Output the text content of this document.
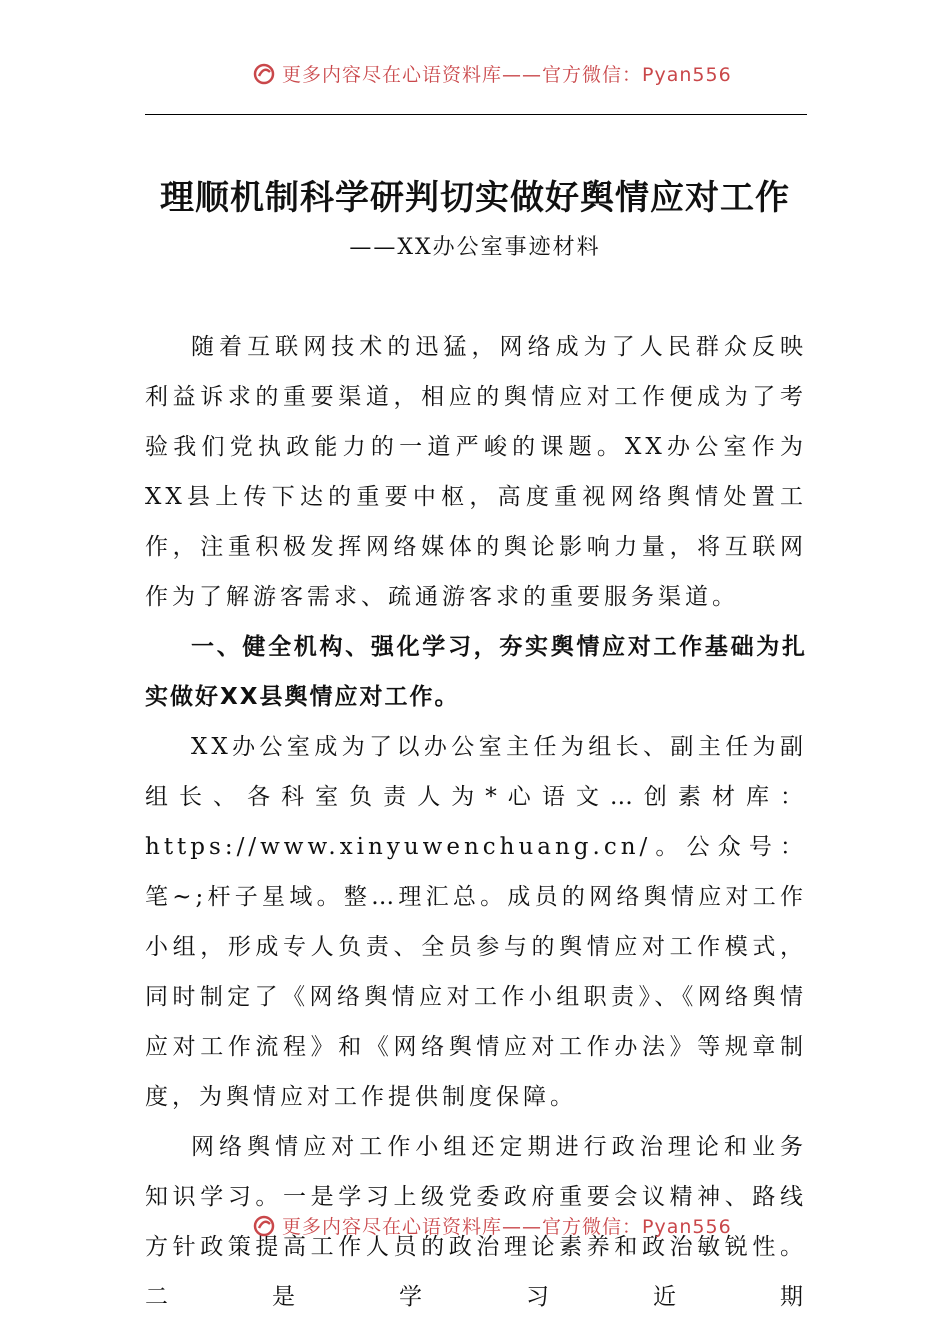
更多内容尽在心语资料库——官方微信：Pyan556
理顺机制科学研判切实做好舆情应对工作
——XX办公室事迹材料

随着互联网技术的迅猛，网络成为了人民群众反映利益诉求的重要渠道，相应的舆情应对工作便成为了考验我们党执政能力的一道严峻的课题。XX办公室作为XX县上传下达的重要中枢，高度重视网络舆情处置工作，注重积极发挥网络媒体的舆论影响力量，将互联网作为了解游客需求、疏通游客求的重要服务渠道。

一、健全机构、强化学习，夯实舆情应对工作基础为扎实做好XX县舆情应对工作。

XX办公室成为了以办公室主任为组长、副主任为副组长、各科室负责人为*心语文…创素材库：https://www.xinyuwenchuang.cn/。公众号：笔~;杆子星域。整…理汇总。成员的网络舆情应对工作小组，形成专人负责、全员参与的舆情应对工作模式，同时制定了《网络舆情应对工作小组职责》、《网络舆情应对工作流程》和《网络舆情应对工作办法》等规章制度，为舆情应对工作提供制度保障。

网络舆情应对工作小组还定期进行政治理论和业务知识学习。一是学习上级党委政府重要会议精神、路线方针政策提高工作人员的政治理论素养和政治敏锐性。二是学习近期

更多内容尽在心语资料库——官方微信：Pyan556
